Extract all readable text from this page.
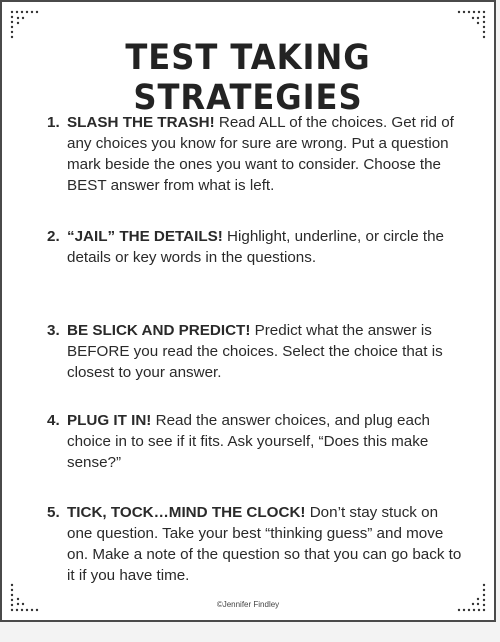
TEST TAKING STRATEGIES
1. SLASH THE TRASH! Read ALL of the choices. Get rid of any choices you know for sure are wrong. Put a question mark beside the ones you want to consider. Choose the BEST answer from what is left.
2. “JAIL” THE DETAILS! Highlight, underline, or circle the details or key words in the questions.
3. BE SLICK AND PREDICT! Predict what the answer is BEFORE you read the choices. Select the choice that is closest to your answer.
4. PLUG IT IN! Read the answer choices, and plug each choice in to see if it fits. Ask yourself, “Does this make sense?”
5. TICK, TOCK…MIND THE CLOCK! Don’t stay stuck on one question. Take your best “thinking guess” and move on. Make a note of the question so that you can go back to it if you have time.
©Jennifer Findley
